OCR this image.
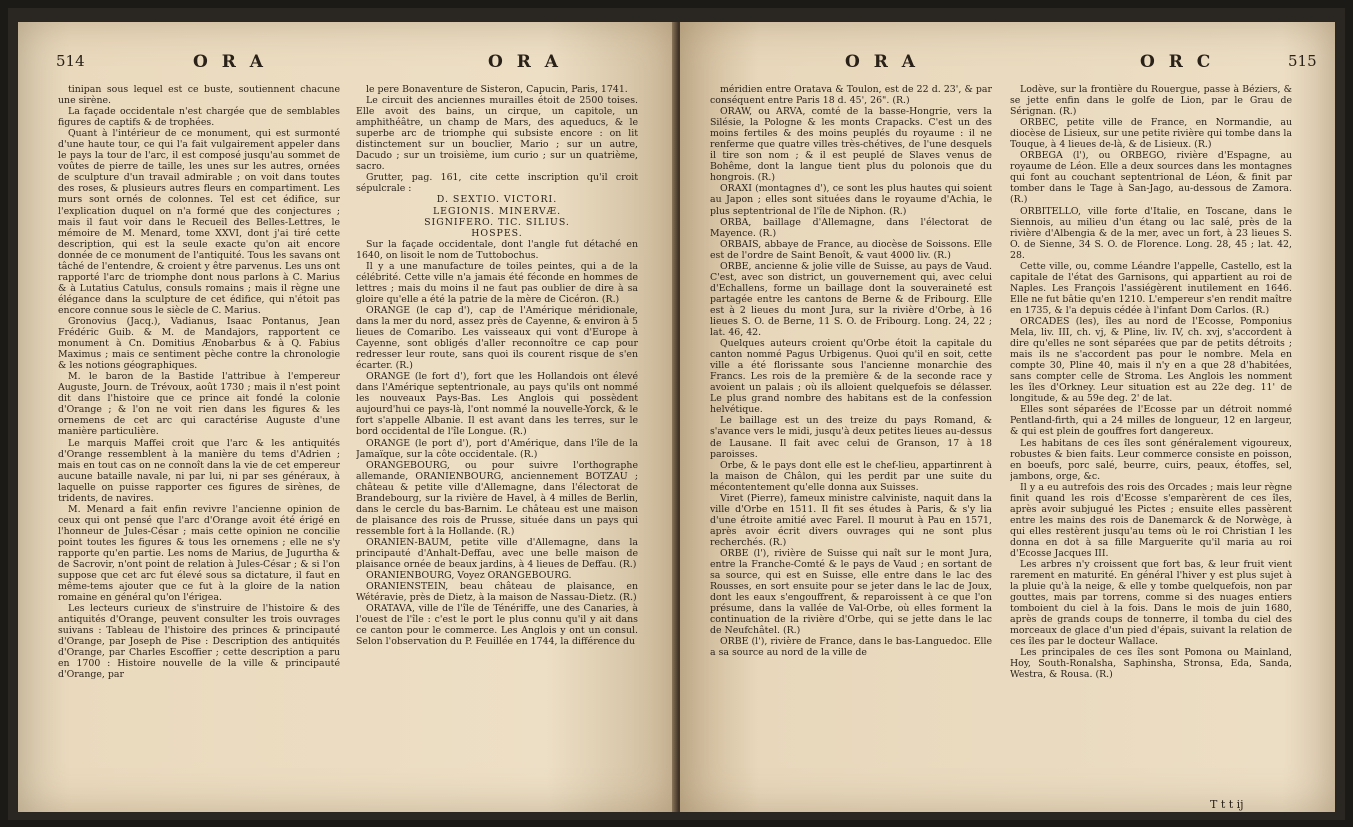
514	O R A	O R A

tinipan sous lequel est ce buste, soutiennent chacune une sirène.

La façade occidentale n'est chargée que de semblables figures de captifs & de trophées.

Quant à l'intérieur de ce monument, qui est surmonté d'une haute tour, ce qui l'a fait vulgairement appeler dans le pays la tour de l'arc, il est composé jusqu'au sommet de voûtes de pierre de taille, les unes sur les autres, ornées de sculpture d'un travail admirable ; on voit dans toutes des roses, & plusieurs autres fleurs en compartiment. Les murs sont ornés de colonnes. Tel est cet édifice, sur l'explication duquel on n'a formé que des conjectures ; mais il faut voir dans le Recueil des Belles-Lettres, le mémoire de M. Menard, tome XXVI, dont j'ai tiré cette description, qui est la seule exacte qu'on ait encore donnée de ce monument de l'antiquité. Tous les savans ont tâché de l'entendre, & croient y être parvenus. Les uns ont rapporté l'arc de triomphe dont nous parlons à C. Marius & à Lutatius Catulus, consuls romains ; mais il règne une élégance dans la sculpture de cet édifice, qui n'étoit pas encore connue sous le siècle de C. Marius.

Gronovius (Jacq.), Vadianus, Isaac Pontanus, Jean Frédéric Guib. & M. de Mandajors, rapportent ce monument à Cn. Domitius Ænobarbus & à Q. Fabius Maximus ; mais ce sentiment pèche contre la chronologie & les notions géographiques.

M. le baron de la Bastide l'attribue à l'empereur Auguste, Journ. de Trévoux, août 1730 ; mais il n'est point dit dans l'histoire que ce prince ait fondé la colonie d'Orange ; & l'on ne voit rien dans les figures & les ornemens de cet arc qui caractérise Auguste d'une manière particulière.

Le marquis Maffei croit que l'arc & les antiquités d'Orange ressemblent à la manière du tems d'Adrien ; mais en tout cas on ne connoît dans la vie de cet empereur aucune bataille navale, ni par lui, ni par ses généraux, à laquelle on puisse rapporter ces figures de sirènes, de tridents, de navires.

M. Menard a fait enfin revivre l'ancienne opinion de ceux qui ont pensé que l'arc d'Orange avoit été érigé en l'honneur de Jules-César ; mais cette opinion ne concilie point toutes les figures & tous les ornemens ; elle ne s'y rapporte qu'en partie. Les noms de Marius, de Jugurtha & de Sacrovir, n'ont point de relation à Jules-César ; & si l'on suppose que cet arc fut élevé sous sa dictature, il faut en même-tems ajouter que ce fut à la gloire de la nation romaine en général qu'on l'érigea.

Les lecteurs curieux de s'instruire de l'histoire & des antiquités d'Orange, peuvent consulter les trois ouvrages suivans : Tableau de l'histoire des princes & principauté d'Orange, par Joseph de Pise : Description des antiquités d'Orange, par Charles Escoffier ; cette description a paru en 1700 : Histoire nouvelle de la ville & principauté d'Orange, par

le pere Bonaventure de Sisteron, Capucin, Paris, 1741.

Le circuit des anciennes murailles étoit de 2500 toises. Elle avoit des bains, un cirque, un capitole, un amphithéâtre, un champ de Mars, des aqueducs, & le superbe arc de triomphe qui subsiste encore : on lit distinctement sur un bouclier, Mario ; sur un autre, Dacudo ; sur un troisième, ium curio ; sur un quatrième, sacro.

Grutter, pag. 161, cite cette inscription qu'il croit sépulcrale :

D. SEXTIO. VICTORI.

LEGIONIS. MINERVÆ.

SIGNIFERO. TIC. SILIUS.

HOSPES.

Sur la façade occidentale, dont l'angle fut détaché en 1640, on lisoit le nom de Tuttobochus.

Il y a une manufacture de toiles peintes, qui a de la célébrité. Cette ville n'a jamais été féconde en hommes de lettres ; mais du moins il ne faut pas oublier de dire à sa gloire qu'elle a été la patrie de la mère de Cicéron. (R.)

ORANGE (le cap d'), cap de l'Amérique méridionale, dans la mer du nord, assez près de Cayenne, & environ à 5 lieues de Comaribo. Les vaisseaux qui vont d'Europe à Cayenne, sont obligés d'aller reconnoître ce cap pour redresser leur route, sans quoi ils courent risque de s'en écarter. (R.)

ORANGE (le fort d'), fort que les Hollandois ont élevé dans l'Amérique septentrionale, au pays qu'ils ont nommé les nouveaux Pays-Bas. Les Anglois qui possèdent aujourd'hui ce pays-là, l'ont nommé la nouvelle-Yorck, & le fort s'appelle Albanie. Il est avant dans les terres, sur le bord occidental de l'île Longue. (R.)

ORANGE (le port d'), port d'Amérique, dans l'île de la Jamaïque, sur la côte occidentale. (R.)

ORANGEBOURG, ou pour suivre l'orthographe allemande, ORANIENBOURG, anciennement BOTZAU ; château & petite ville d'Allemagne, dans l'électorat de Brandebourg, sur la rivière de Havel, à 4 milles de Berlin, dans le cercle du bas-Barnim. Le château est une maison de plaisance des rois de Prusse, située dans un pays qui ressemble fort à la Hollande. (R.)

ORANIEN-BAUM, petite ville d'Allemagne, dans la principauté d'Anhalt-Deffau, avec une belle maison de plaisance ornée de beaux jardins, à 4 lieues de Deffau. (R.)

ORANIENBOURG, Voyez ORANGEBOURG.

ORANIENSTEIN, beau château de plaisance, en Wétéravie, près de Dietz, à la maison de Nassau-Dietz. (R.)

ORATAVA, ville de l'île de Ténériffe, une des Canaries, à l'ouest de l'île : c'est le port le plus connu qu'il y ait dans ce canton pour le commerce. Les Anglois y ont un consul. Selon l'observation du P. Feuillée en 1744, la différence du

O R A	O R C	515

méridien entre Oratava & Toulon, est de 22 d. 23', & par conséquent entre Paris 18 d. 45', 26". (R.)

ORAW, ou ARVA, comté de la basse-Hongrie, vers la Silésie, la Pologne & les monts Crapacks. C'est un des moins fertiles & des moins peuplés du royaume : il ne renferme que quatre villes très-chétives, de l'une desquels il tire son nom ; & il est peuplé de Slaves venus de Bohême, dont la langue tient plus du polonois que du hongrois. (R.)

ORAXI (montagnes d'), ce sont les plus hautes qui soient au Japon ; elles sont situées dans le royaume d'Achia, le plus septentrional de l'île de Niphon. (R.)

ORBA, baillage d'Allemagne, dans l'électorat de Mayence. (R.)

ORBAIS, abbaye de France, au diocèse de Soissons. Elle est de l'ordre de Saint Benoît, & vaut 4000 liv. (R.)

ORBE, ancienne & jolie ville de Suisse, au pays de Vaud. C'est, avec son district, un gouvernement qui, avec celui d'Echallens, forme un baillage dont la souveraineté est partagée entre les cantons de Berne & de Fribourg. Elle est à 2 lieues du mont Jura, sur la rivière d'Orbe, à 16 lieues S. O. de Berne, 11 S. O. de Fribourg. Long. 24, 22 ; lat. 46, 42.

Quelques auteurs croient qu'Orbe étoit la capitale du canton nommé Pagus Urbigenus. Quoi qu'il en soit, cette ville a été florissante sous l'ancienne monarchie des Francs. Les rois de la première & de la seconde race y avoient un palais ; où ils alloient quelquefois se délasser. Le plus grand nombre des habitans est de la confession helvétique.

Le baillage est un des treize du pays Romand, & s'avance vers le midi, jusqu'à deux petites lieues au-dessus de Lausane. Il fait avec celui de Granson, 17 à 18 paroisses.

Orbe, & le pays dont elle est le chef-lieu, appartinrent à la maison de Châlon, qui les perdit par une suite du mécontentement qu'elle donna aux Suisses.

Viret (Pierre), fameux ministre calviniste, naquit dans la ville d'Orbe en 1511. Il fit ses études à Paris, & s'y lia d'une étroite amitié avec Farel. Il mourut à Pau en 1571, après avoir écrit divers ouvrages qui ne sont plus recherchés. (R.)

ORBE (l'), rivière de Suisse qui naît sur le mont Jura, entre la Franche-Comté & le pays de Vaud ; en sortant de sa source, qui est en Suisse, elle entre dans le lac des Rousses, en sort ensuite pour se jeter dans le lac de Joux, dont les eaux s'engouffrent, & reparoissent à ce que l'on présume, dans la vallée de Val-Orbe, où elles forment la continuation de la rivière d'Orbe, qui se jette dans le lac de Neufchâtel. (R.)

ORBE (l'), rivière de France, dans le bas-Languedoc. Elle a sa source au nord de la ville de

Lodève, sur la frontière du Rouergue, passe à Béziers, & se jette enfin dans le golfe de Lion, par le Grau de Sérignan. (R.)

ORBEC, petite ville de France, en Normandie, au diocèse de Lisieux, sur une petite rivière qui tombe dans la Touque, à 4 lieues de-là, & de Lisieux. (R.)

ORBEGA (l'), ou ORBEGO, rivière d'Espagne, au royaume de Léon. Elle a deux sources dans les montagnes qui font au couchant septentrional de Léon, & finit par tomber dans le Tage à San-Jago, au-dessous de Zamora. (R.)

ORBITELLO, ville forte d'Italie, en Toscane, dans le Siennois, au milieu d'un étang ou lac salé, près de la rivière d'Albengia & de la mer, avec un fort, à 23 lieues S. O. de Sienne, 34 S. O. de Florence. Long. 28, 45 ; lat. 42, 28.

Cette ville, ou, comme Léandre l'appelle, Castello, est la capitale de l'état des Garnisons, qui appartient au roi de Naples. Les François l'assiégèrent inutilement en 1646. Elle ne fut bâtie qu'en 1210. L'empereur s'en rendit maître en 1735, & l'a depuis cédée à l'infant Dom Carlos. (R.)

ORCADES (les), îles au nord de l'Ecosse, Pomponius Mela, liv. III, ch. vj, & Pline, liv. IV, ch. xvj, s'accordent à dire qu'elles ne sont séparées que par de petits détroits ; mais ils ne s'accordent pas pour le nombre. Mela en compte 30, Pline 40, mais il n'y en a que 28 d'habitées, sans compter celle de Stroma. Les Anglois les nomment les îles d'Orkney. Leur situation est au 22e deg. 11' de longitude, & au 59e deg. 2' de lat.

Elles sont séparées de l'Ecosse par un détroit nommé Pentland-firth, qui a 24 milles de longueur, 12 en largeur, & qui est plein de gouffres fort dangereux.

Les habitans de ces îles sont généralement vigoureux, robustes & bien faits. Leur commerce consiste en poisson, en boeufs, porc salé, beurre, cuirs, peaux, étoffes, sel, jambons, orge, &c.

Il y a eu autrefois des rois des Orcades ; mais leur règne finit quand les rois d'Ecosse s'emparèrent de ces îles, après avoir subjugué les Pictes ; ensuite elles passèrent entre les mains des rois de Danemarck & de Norwège, à qui elles restèrent jusqu'au tems où le roi Christian I les donna en dot à sa fille Marguerite qu'il maria au roi d'Ecosse Jacques III.

Les arbres n'y croissent que fort bas, & leur fruit vient rarement en maturité. En général l'hiver y est plus sujet à la pluie qu'à la neige, & elle y tombe quelquefois, non par gouttes, mais par torrens, comme si des nuages entiers tomboient du ciel à la fois. Dans le mois de juin 1680, après de grands coups de tonnerre, il tomba du ciel des morceaux de glace d'un pied d'épais, suivant la relation de ces îles par le docteur Wallace.

Les principales de ces îles sont Pomona ou Mainland, Hoy, South-Ronalsha, Saphinsha, Stronsa, Eda, Sanda, Westra, & Rousa. (R.)

T t t ij
